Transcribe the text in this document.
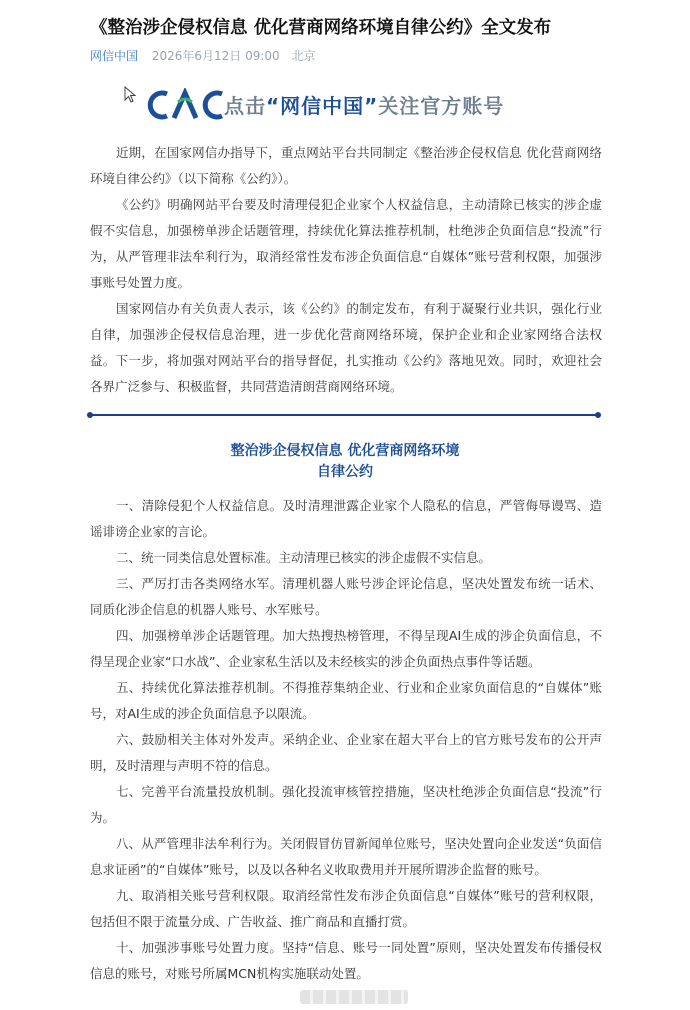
《整治涉企侵权信息 优化营商网络环境自律公约》全文发布
网信中国 2026年6月12日 09:00 北京
点击“网信中国”关注官方账号

近期，在国家网信办指导下，重点网站平台共同制定《整治涉企侵权信息 优化营商网络环境自律公约》（以下简称《公约》）。

《公约》明确网站平台要及时清理侵犯企业家个人权益信息，主动清除已核实的涉企虚假不实信息，加强榜单涉企话题管理，持续优化算法推荐机制，杜绝涉企负面信息“投流”行为，从严管理非法牟利行为，取消经常性发布涉企负面信息“自媒体”账号营利权限，加强涉事账号处置力度。

国家网信办有关负责人表示，该《公约》的制定发布，有利于凝聚行业共识，强化行业自律，加强涉企侵权信息治理，进一步优化营商网络环境，保护企业和企业家网络合法权益。下一步，将加强对网站平台的指导督促，扎实推动《公约》落地见效。同时，欢迎社会各界广泛参与、积极监督，共同营造清朗营商网络环境。

整治涉企侵权信息 优化营商网络环境
自律公约

一、清除侵犯个人权益信息。及时清理泄露企业家个人隐私的信息，严管侮辱谩骂、造谣诽谤企业家的言论。

二、统一同类信息处置标准。主动清理已核实的涉企虚假不实信息。

三、严厉打击各类网络水军。清理机器人账号涉企评论信息，坚决处置发布统一话术、同质化涉企信息的机器人账号、水军账号。

四、加强榜单涉企话题管理。加大热搜热榜管理，不得呈现AI生成的涉企负面信息，不得呈现企业家“口水战”、企业家私生活以及未经核实的涉企负面热点事件等话题。

五、持续优化算法推荐机制。不得推荐集纳企业、行业和企业家负面信息的“自媒体”账号，对AI生成的涉企负面信息予以限流。

六、鼓励相关主体对外发声。采纳企业、企业家在超大平台上的官方账号发布的公开声明，及时清理与声明不符的信息。

七、完善平台流量投放机制。强化投流审核管控措施，坚决杜绝涉企负面信息“投流”行为。

八、从严管理非法牟利行为。关闭假冒仿冒新闻单位账号，坚决处置向企业发送“负面信息求证函”的“自媒体”账号，以及以各种名义收取费用并开展所谓涉企监督的账号。

九、取消相关账号营利权限。取消经常性发布涉企负面信息“自媒体”账号的营利权限，包括但不限于流量分成、广告收益、推广商品和直播打赏。

十、加强涉事账号处置力度。坚持“信息、账号一同处置”原则，坚决处置发布传播侵权信息的账号，对账号所属MCN机构实施联动处置。
